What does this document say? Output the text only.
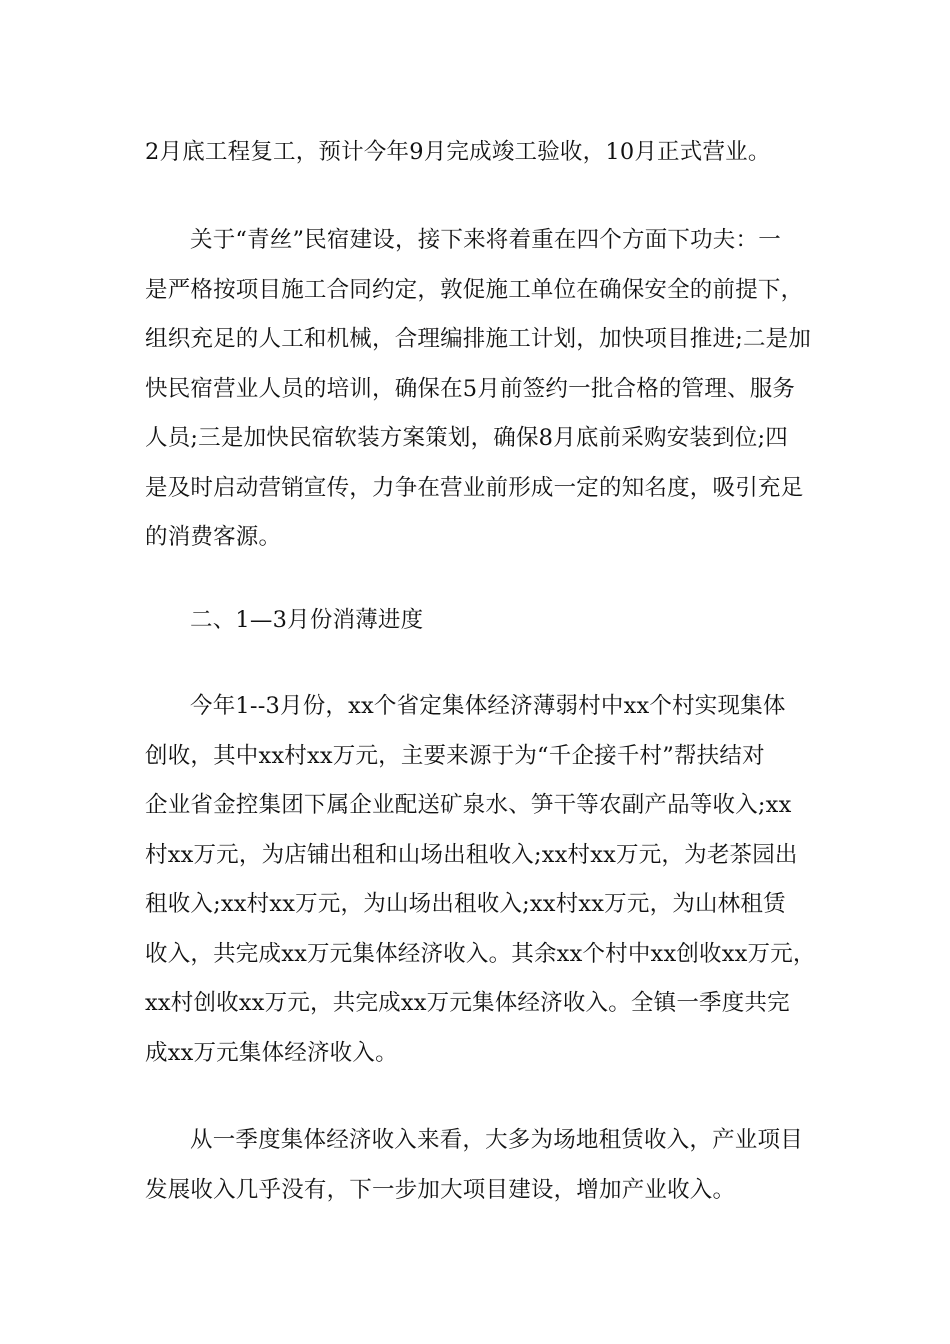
2月底工程复工，预计今年9月完成竣工验收，10月正式营业。
关于“青丝”民宿建设，接下来将着重在四个方面下功夫：一
是严格按项目施工合同约定，敦促施工单位在确保安全的前提下，
组织充足的人工和机械，合理编排施工计划，加快项目推进;二是加
快民宿营业人员的培训，确保在5月前签约一批合格的管理、服务
人员;三是加快民宿软装方案策划，确保8月底前采购安装到位;四
是及时启动营销宣传，力争在营业前形成一定的知名度，吸引充足
的消费客源。
二、1—3月份消薄进度
今年1--3月份，xx个省定集体经济薄弱村中xx个村实现集体
创收，其中xx村xx万元，主要来源于为“千企接千村”帮扶结对
企业省金控集团下属企业配送矿泉水、笋干等农副产品等收入;xx
村xx万元，为店铺出租和山场出租收入;xx村xx万元，为老茶园出
租收入;xx村xx万元，为山场出租收入;xx村xx万元，为山林租赁
收入，共完成xx万元集体经济收入。其余xx个村中xx创收xx万元，
xx村创收xx万元，共完成xx万元集体经济收入。全镇一季度共完
成xx万元集体经济收入。
从一季度集体经济收入来看，大多为场地租赁收入，产业项目
发展收入几乎没有，下一步加大项目建设，增加产业收入。
